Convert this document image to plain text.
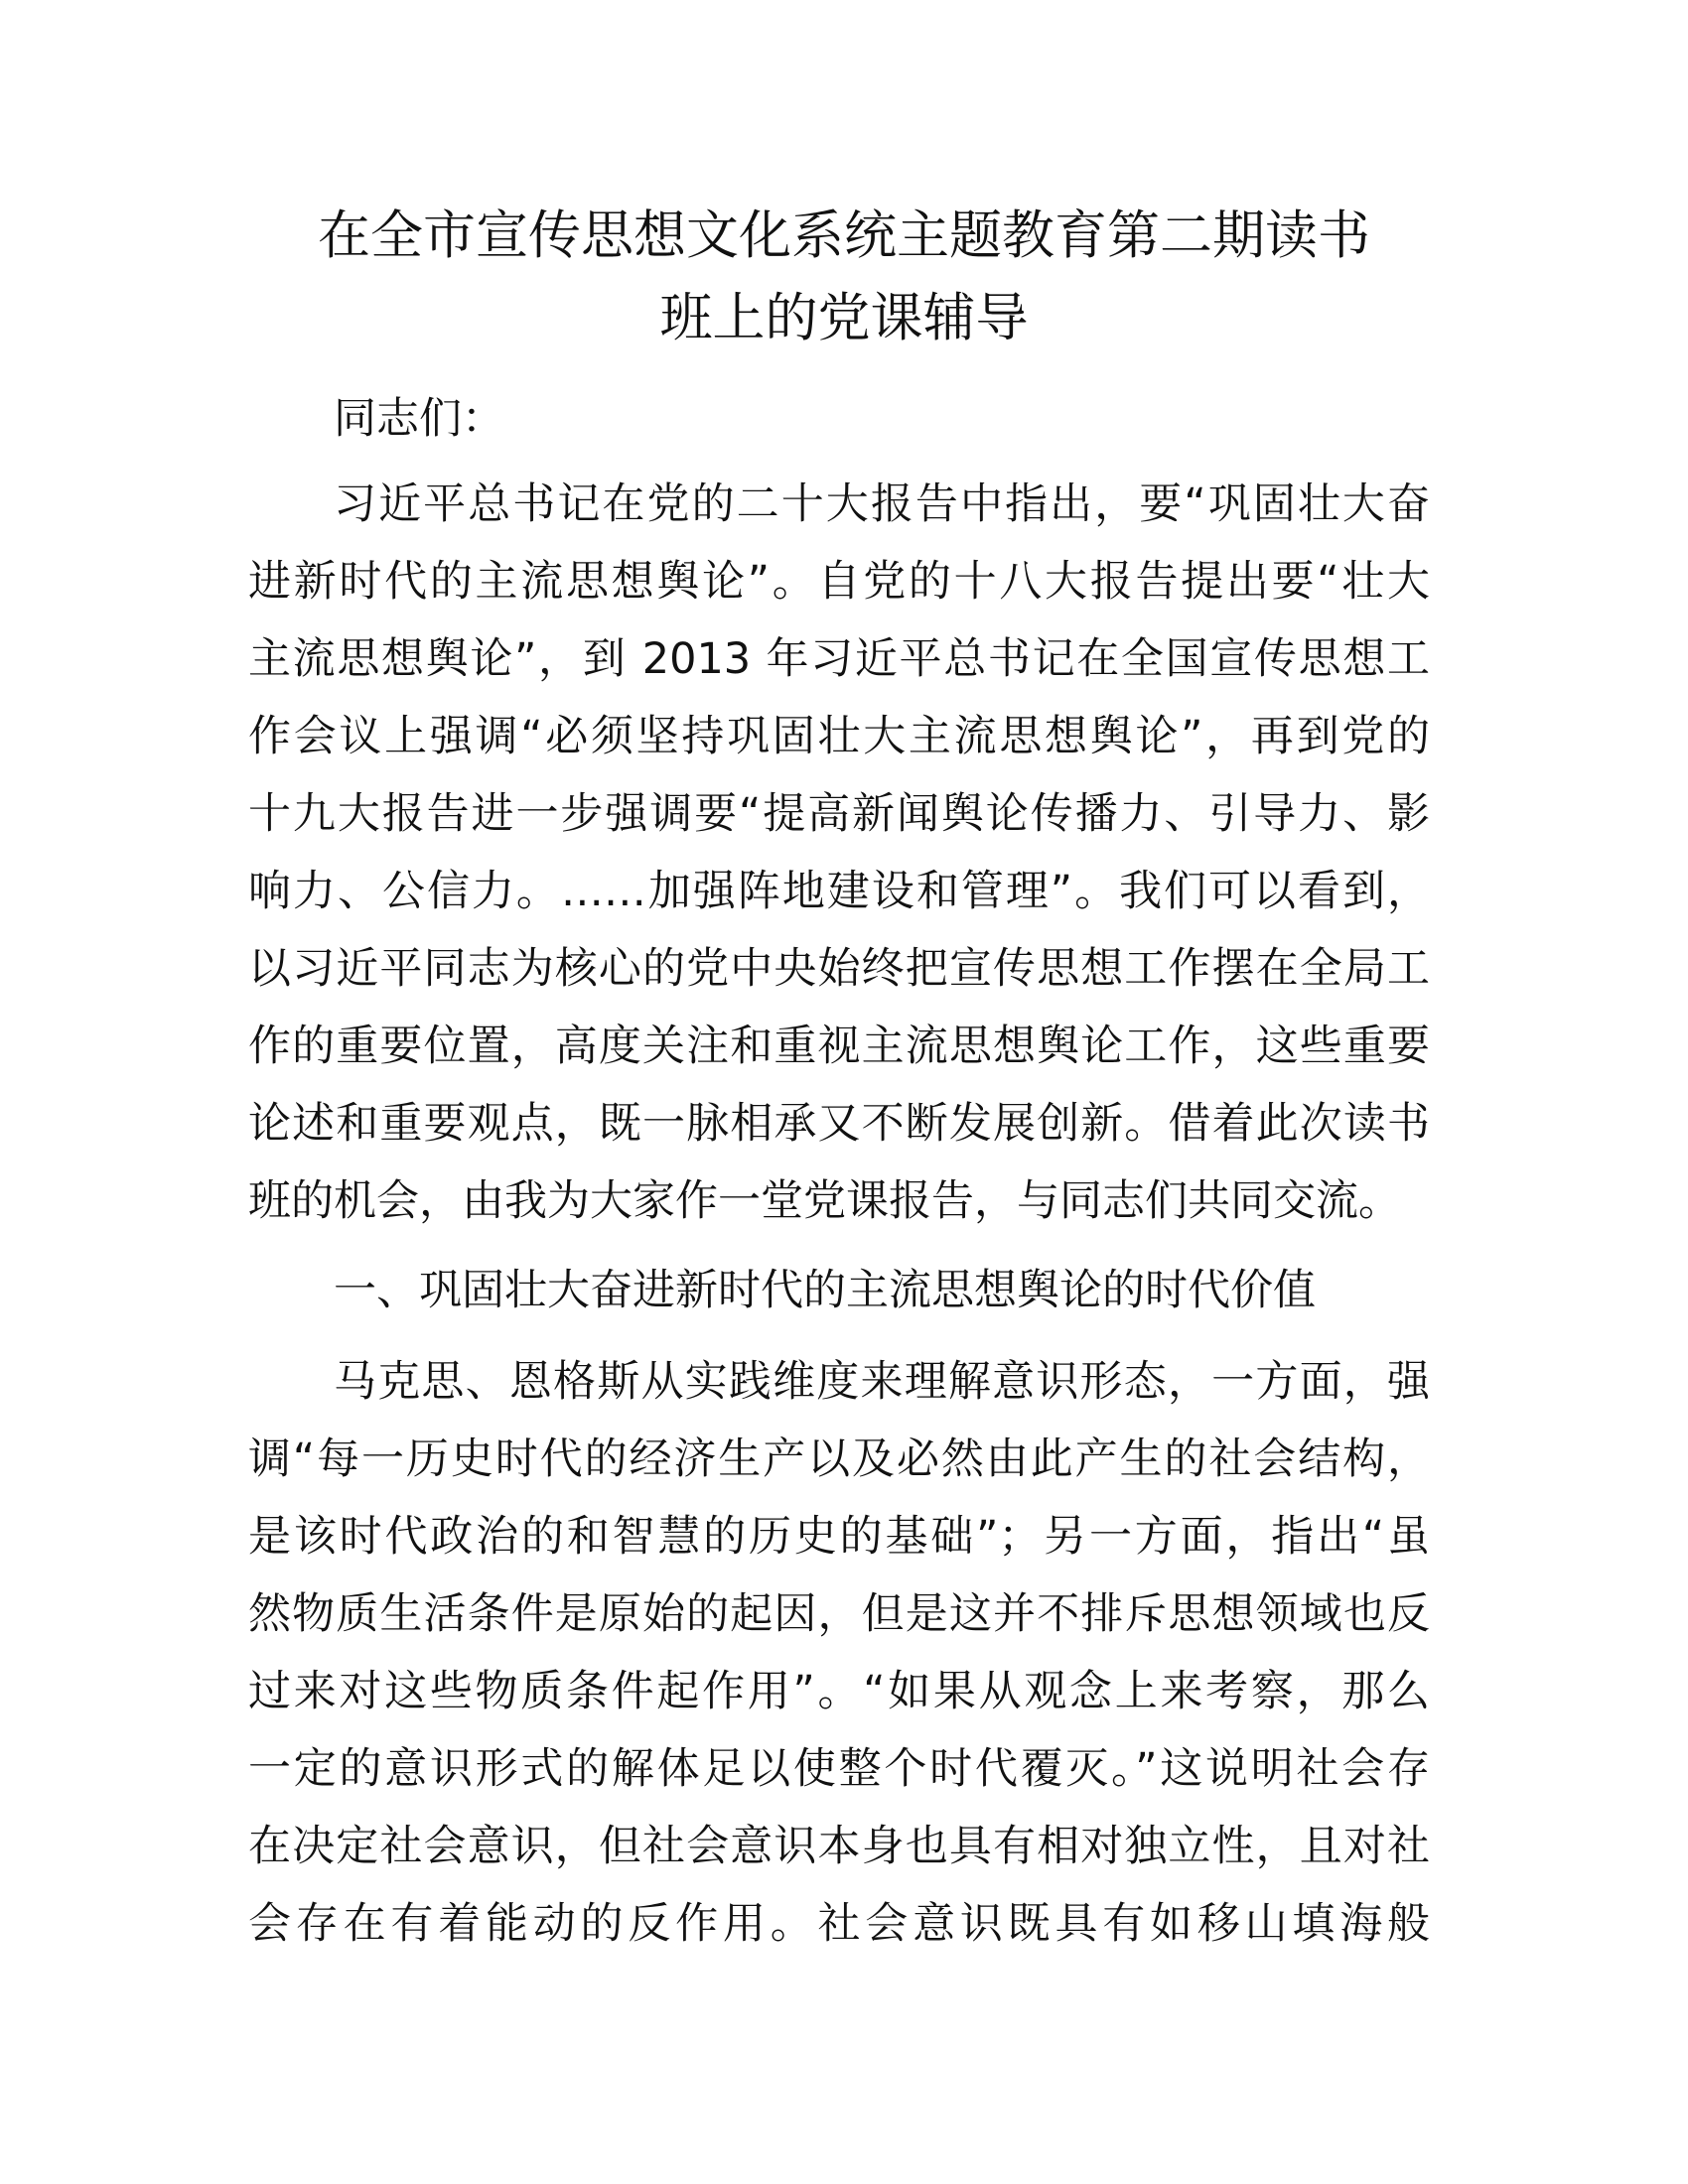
在全市宣传思想文化系统主题教育第二期读书
班上的党课辅导

同志们：

习近平总书记在党的二十大报告中指出，要“巩固壮大奋

进新时代的主流思想舆论”。自党的十八大报告提出要“壮大

主流思想舆论”，到 2013 年习近平总书记在全国宣传思想工

作会议上强调“必须坚持巩固壮大主流思想舆论”，再到党的

十九大报告进一步强调要“提高新闻舆论传播力、引导力、影

响力、公信力。……加强阵地建设和管理”。我们可以看到，

以习近平同志为核心的党中央始终把宣传思想工作摆在全局工

作的重要位置，高度关注和重视主流思想舆论工作，这些重要

论述和重要观点，既一脉相承又不断发展创新。借着此次读书

班的机会，由我为大家作一堂党课报告，与同志们共同交流。

一、巩固壮大奋进新时代的主流思想舆论的时代价值

马克思、恩格斯从实践维度来理解意识形态，一方面，强

调“每一历史时代的经济生产以及必然由此产生的社会结构，

是该时代政治的和智慧的历史的基础”；另一方面，指出“虽

然物质生活条件是原始的起因，但是这并不排斥思想领域也反

过来对这些物质条件起作用”。“如果从观念上来考察，那么

一定的意识形式的解体足以使整个时代覆灭。”这说明社会存

在决定社会意识，但社会意识本身也具有相对独立性，且对社

会存在有着能动的反作用。社会意识既具有如移山填海般
